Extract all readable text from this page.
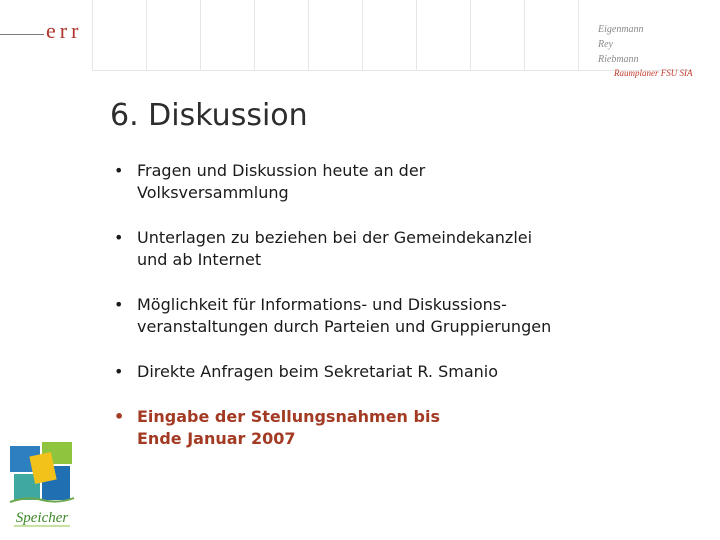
err	Eigenmann
Rey
Riebmann
Raumplaner FSU SIA
6. Diskussion
• Fragen und Diskussion heute an der
Volksversammlung
• Unterlagen zu beziehen bei der Gemeindekanzlei
und ab Internet
• Möglichkeit für Informations- und Diskussions-
veranstaltungen durch Parteien und Gruppierungen
• Direkte Anfragen beim Sekretariat R. Smanio
• Eingabe der Stellungsnahmen bis
Ende Januar 2007
Speicher
